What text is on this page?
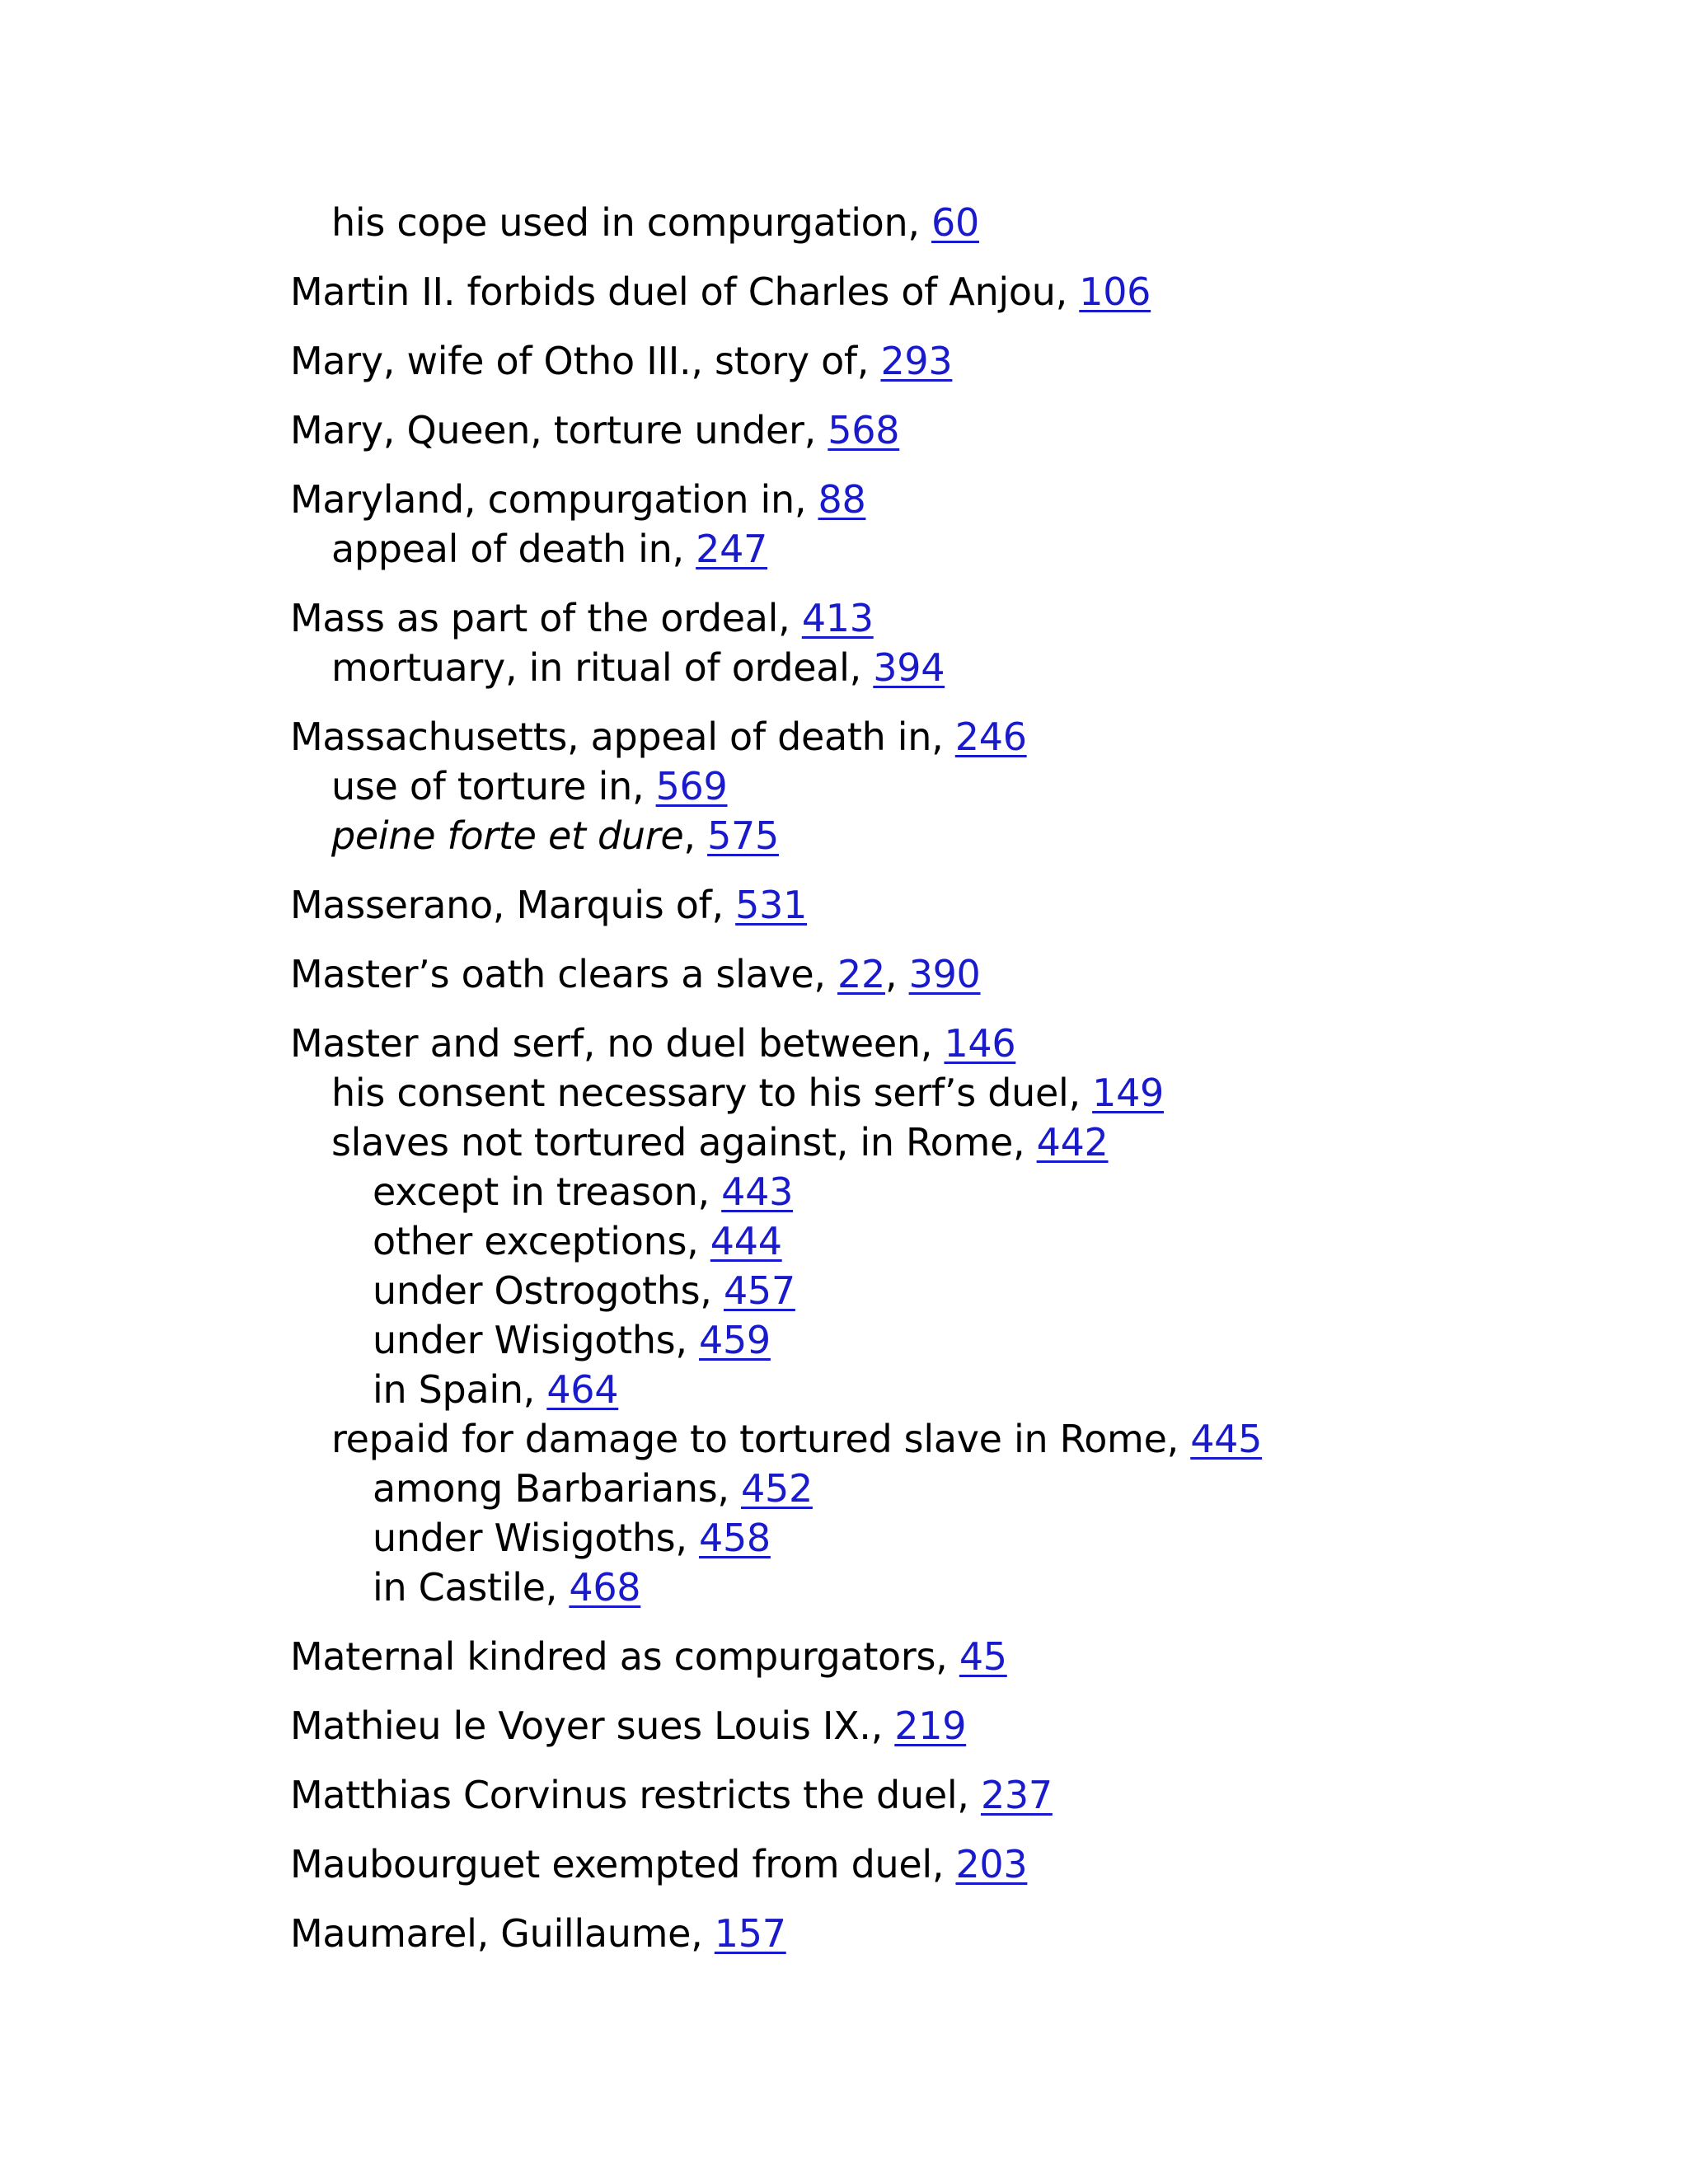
his cope used in compurgation, 60
Martin II. forbids duel of Charles of Anjou, 106
Mary, wife of Otho III., story of, 293
Mary, Queen, torture under, 568
Maryland, compurgation in, 88
appeal of death in, 247
Mass as part of the ordeal, 413
mortuary, in ritual of ordeal, 394
Massachusetts, appeal of death in, 246
use of torture in, 569
peine forte et dure, 575
Masserano, Marquis of, 531
Master’s oath clears a slave, 22, 390
Master and serf, no duel between, 146
his consent necessary to his serf’s duel, 149
slaves not tortured against, in Rome, 442
except in treason, 443
other exceptions, 444
under Ostrogoths, 457
under Wisigoths, 459
in Spain, 464
repaid for damage to tortured slave in Rome, 445
among Barbarians, 452
under Wisigoths, 458
in Castile, 468
Maternal kindred as compurgators, 45
Mathieu le Voyer sues Louis IX., 219
Matthias Corvinus restricts the duel, 237
Maubourguet exempted from duel, 203
Maumarel, Guillaume, 157
